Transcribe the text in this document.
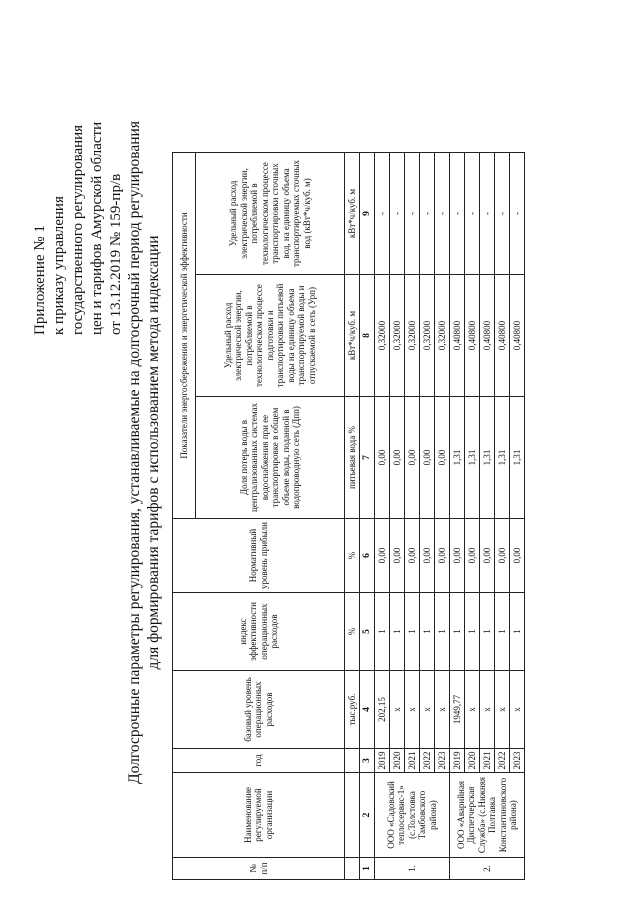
Приложение № 1 к приказу управления государственного регулирования цен и тарифов Амурской области от 13.12.2019 № 159-пр/в Долгосрочные параметры регулирования, устанавливаемые на долгосрочный период регулирования для формирования тарифов с использованием метода индексации
№ п/п	Наименование регулируемой организации	год	базовый уровень операционных расходов	индекс эффективности операционных расходов	Нормативный уровень прибыли	Показатели энергосбережения и энергетической эффективности		
						Доля потерь воды в централизованных системах водоснабжения при ее транспортировке в общем объеме воды, поданной в водопроводную сеть (Дпп)	Удельный расход электрической энергии, потребляемой в технологическом процессе подготовки и транспортировки питьевой воды на единицу объема транспортируемой воды и отпускаемой в сеть (Урп)	Удельный расход электрической энергии, потребляемой в технологическом процессе транспортировки сточных вод, на единицу объема транспортируемых сточных вод (кВт*ч/куб. м)
			тыс.руб.	%	%	питьевая вода %	кВт*ч/куб. м	кВт*ч/куб. м
1	2	3	4	5	6	7	8	9
1.	ООО «Садовский теплосервис-1» (с.Толстовка Тамбовского района)	2019	202,15	1	0,00	0,00	0,32000	-
		2020	х	1	0,00	0,00	0,32000	-
		2021	х	1	0,00	0,00	0,32000	-
		2022	х	1	0,00	0,00	0,32000	-
		2023	х	1	0,00	0,00	0,32000	-
2.	ООО «Аварийная Диспетчерская Служба» (с.Нижняя Полтавка Константиновского района)	2019	1949,77	1	0,00	1,31	0,40800	-
		2020	х	1	0,00	1,31	0,40800	-
		2021	х	1	0,00	1,31	0,40800	-
		2022	х	1	0,00	1,31	0,40800	-
		2023	х	1	0,00	1,31	0,40800	-
